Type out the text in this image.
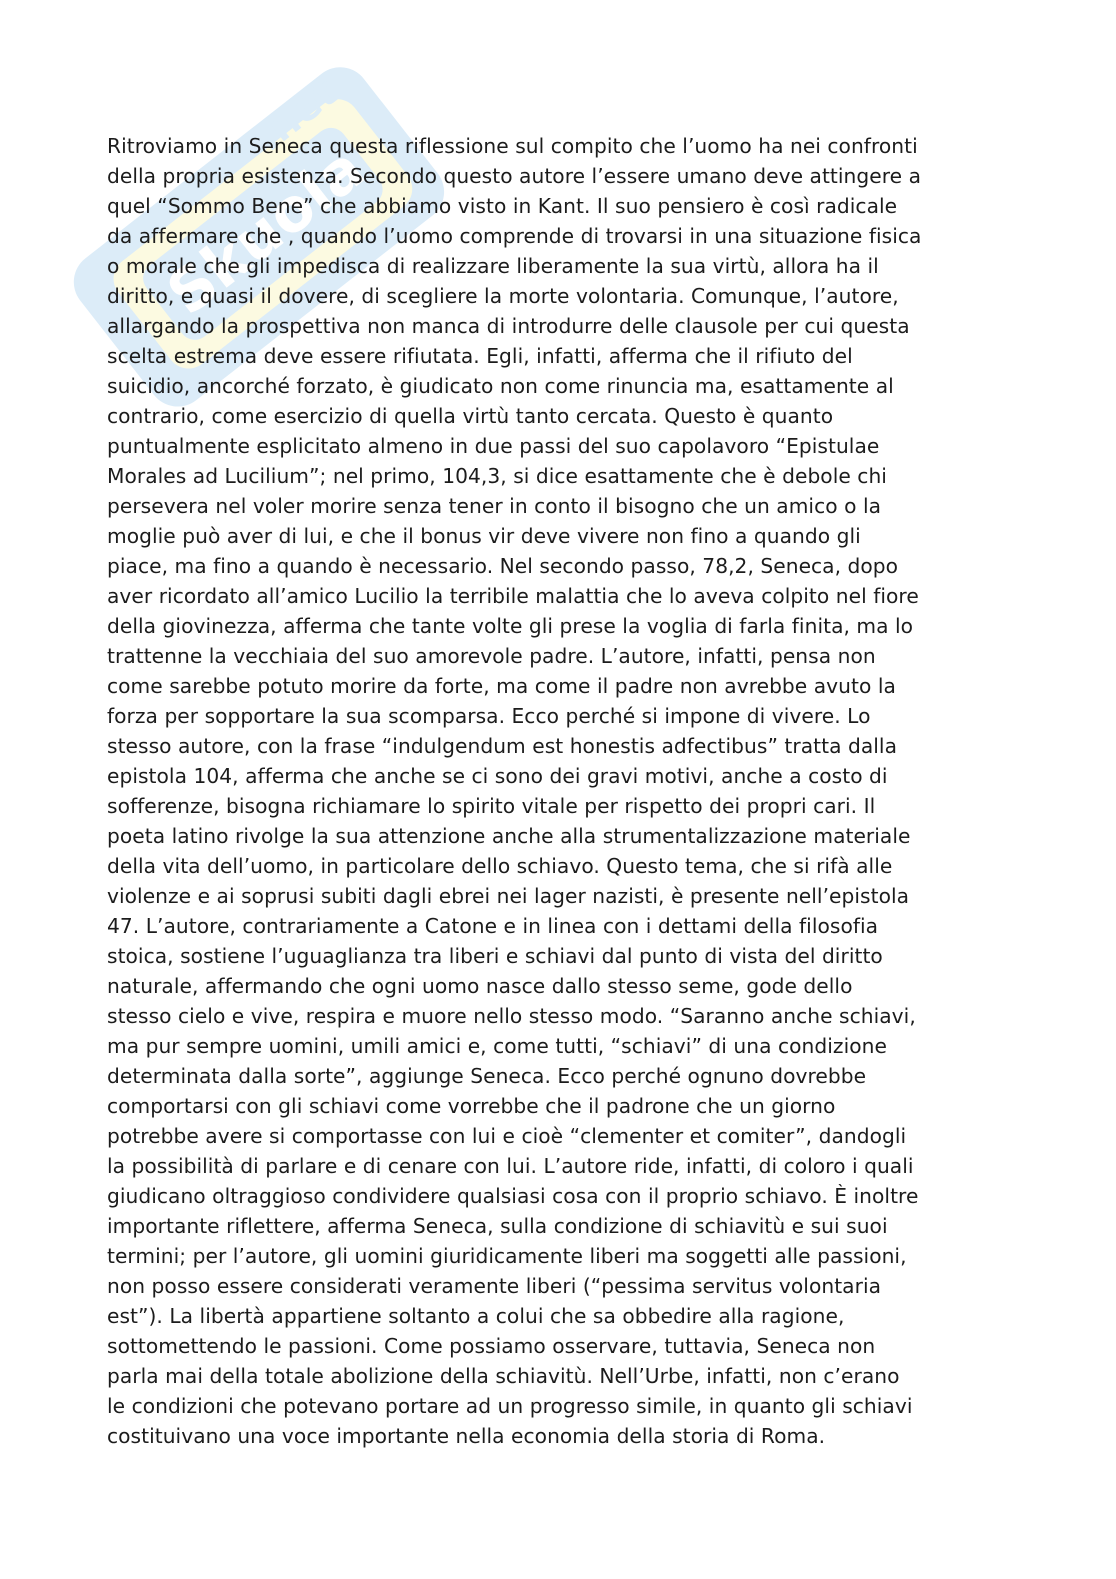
Skuola
.net
Ritroviamo in Seneca questa riflessione sul compito che l’uomo ha nei confronti
della propria esistenza. Secondo questo autore l’essere umano deve attingere a
quel “Sommo Bene” che abbiamo visto in Kant. Il suo pensiero è così radicale
da affermare che , quando l’uomo comprende di trovarsi in una situazione fisica
o morale che gli impedisca di realizzare liberamente la sua virtù, allora ha il
diritto, e quasi il dovere, di scegliere la morte volontaria. Comunque, l’autore,
allargando la prospettiva non manca di introdurre delle clausole per cui questa
scelta estrema deve essere rifiutata. Egli, infatti, afferma che il rifiuto del
suicidio, ancorché forzato, è giudicato non come rinuncia ma, esattamente al
contrario, come esercizio di quella virtù tanto cercata. Questo è quanto
puntualmente esplicitato almeno in due passi del suo capolavoro “Epistulae
Morales ad Lucilium”; nel primo, 104,3, si dice esattamente che è debole chi
persevera nel voler morire senza tener in conto il bisogno che un amico o la
moglie può aver di lui, e che il bonus vir deve vivere non fino a quando gli
piace, ma fino a quando è necessario. Nel secondo passo, 78,2, Seneca, dopo
aver ricordato all’amico Lucilio la terribile malattia che lo aveva colpito nel fiore
della giovinezza, afferma che tante volte gli prese la voglia di farla finita, ma lo
trattenne la vecchiaia del suo amorevole padre. L’autore, infatti, pensa non
come sarebbe potuto morire da forte, ma come il padre non avrebbe avuto la
forza per sopportare la sua scomparsa. Ecco perché si impone di vivere. Lo
stesso autore, con la frase “indulgendum est honestis adfectibus” tratta dalla
epistola 104, afferma che anche se ci sono dei gravi motivi, anche a costo di
sofferenze, bisogna richiamare lo spirito vitale per rispetto dei propri cari. Il
poeta latino rivolge la sua attenzione anche alla strumentalizzazione materiale
della vita dell’uomo, in particolare dello schiavo. Questo tema, che si rifà alle
violenze e ai soprusi subiti dagli ebrei nei lager nazisti, è presente nell’epistola
47. L’autore, contrariamente a Catone e in linea con i dettami della filosofia
stoica, sostiene l’uguaglianza tra liberi e schiavi dal punto di vista del diritto
naturale, affermando che ogni uomo nasce dallo stesso seme, gode dello
stesso cielo e vive, respira e muore nello stesso modo. “Saranno anche schiavi,
ma pur sempre uomini, umili amici e, come tutti, “schiavi” di una condizione
determinata dalla sorte”, aggiunge Seneca. Ecco perché ognuno dovrebbe
comportarsi con gli schiavi come vorrebbe che il padrone che un giorno
potrebbe avere si comportasse con lui e cioè “clementer et comiter”, dandogli
la possibilità di parlare e di cenare con lui. L’autore ride, infatti, di coloro i quali
giudicano oltraggioso condividere qualsiasi cosa con il proprio schiavo. È inoltre
importante riflettere, afferma Seneca, sulla condizione di schiavitù e sui suoi
termini; per l’autore, gli uomini giuridicamente liberi ma soggetti alle passioni,
non posso essere considerati veramente liberi (“pessima servitus volontaria
est”). La libertà appartiene soltanto a colui che sa obbedire alla ragione,
sottomettendo le passioni. Come possiamo osservare, tuttavia, Seneca non
parla mai della totale abolizione della schiavitù. Nell’Urbe, infatti, non c’erano
le condizioni che potevano portare ad un progresso simile, in quanto gli schiavi
costituivano una voce importante nella economia della storia di Roma.
